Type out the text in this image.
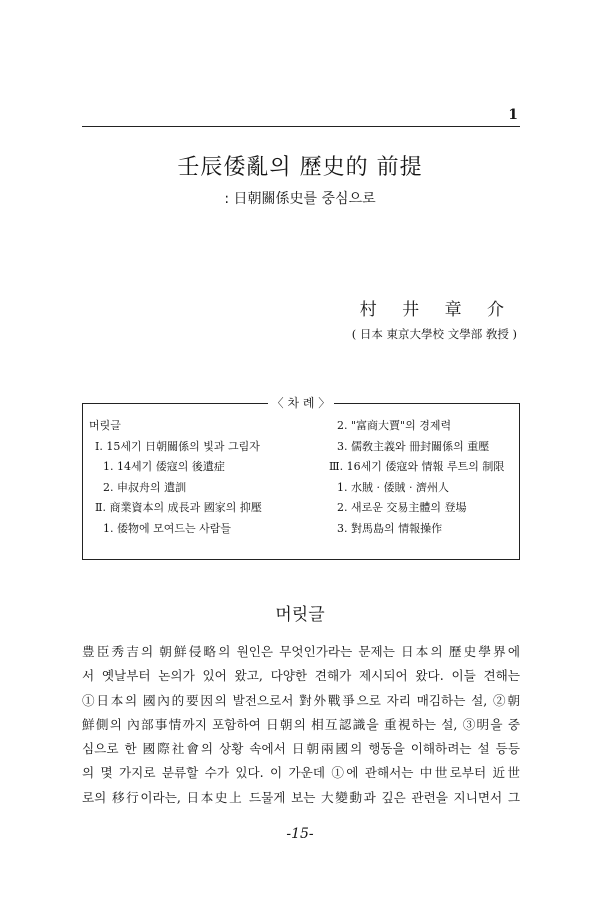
1
壬辰倭亂의 歷史的 前提
: 日朝關係史를 중심으로
村 井 章 介
( 日本 東京大學校 文學部 敎授 )
〈 차 례 〉
머릿글
Ⅰ. 15세기 日朝關係의 빛과 그림자
1. 14세기 倭寇의 後遺症
2. 申叔舟의 遺訓
Ⅱ. 商業資本의 成長과 國家의 抑壓
1. 倭物에 모여드는 사람들
2. "富商大賈"의 경제력
3. 儒敎主義와 冊封關係의 重壓
Ⅲ. 16세기 倭寇와 情報 루트의 制限
1. 水賊 · 倭賊 · 濟州人
2. 새로운 交易主體의 登場
3. 對馬島의 情報操作
머릿글
豊臣秀吉의 朝鮮侵略의 원인은 무엇인가라는 문제는 日本의 歷史學界에
서 옛날부터 논의가 있어 왔고, 다양한 견해가 제시되어 왔다. 이들 견해는
①日本의 國內的要因의 발전으로서 對外戰爭으로 자리 매김하는 설, ②朝
鮮側의 內部事情까지 포함하여 日朝의 相互認識을 重視하는 설, ③明을 중
심으로 한 國際社會의 상황 속에서 日朝兩國의 행동을 이해하려는 설 등등
의 몇 가지로 분류할 수가 있다. 이 가운데 ①에 관해서는 中世로부터 近世
로의 移行이라는, 日本史上 드물게 보는 大變動과 깊은 관련을 지니면서 그
-15-
